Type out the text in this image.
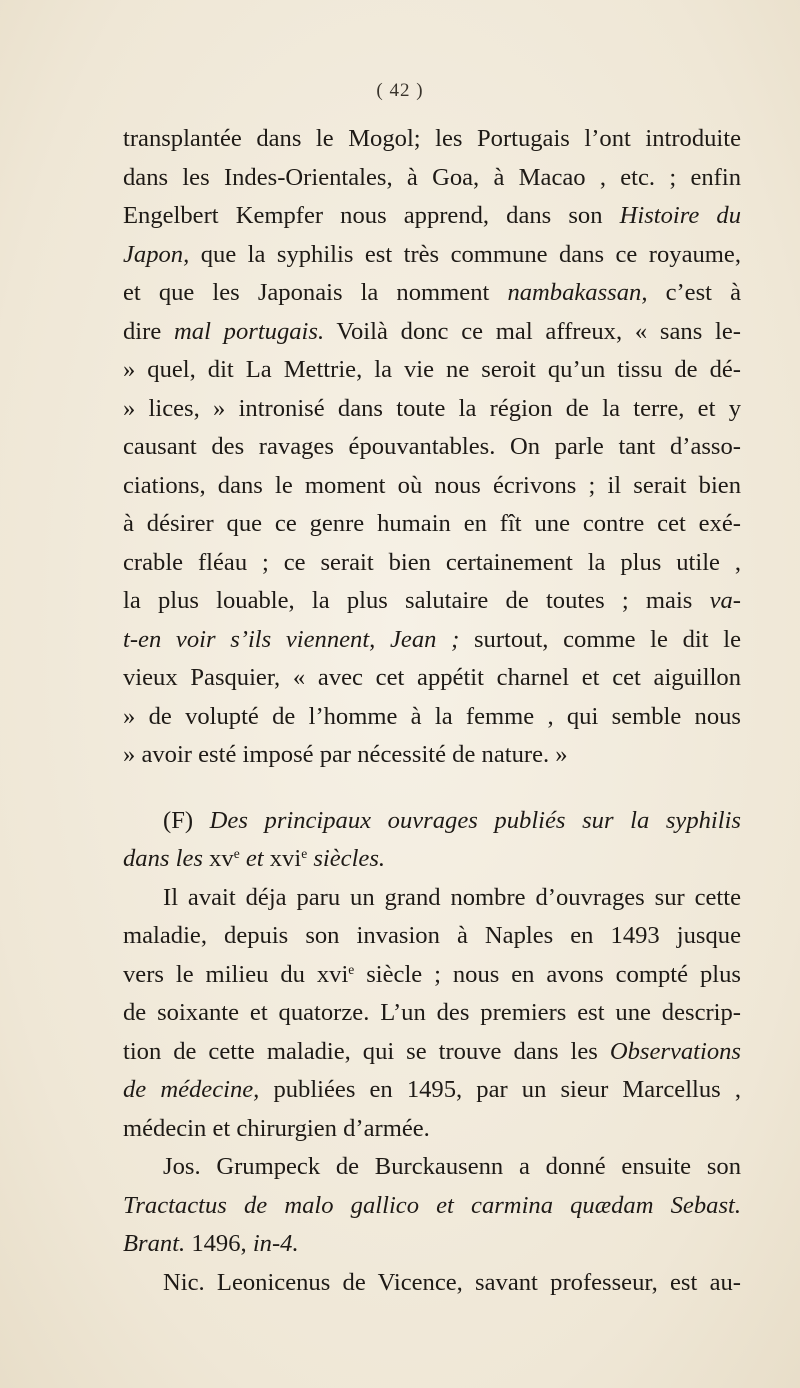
( 42 )
transplantée dans le Mogol; les Portugais l’ont introduite
dans les Indes-Orientales, à Goa, à Macao , etc. ; enfin
Engelbert Kempfer nous apprend, dans son Histoire du
Japon, que la syphilis est très commune dans ce royaume,
et que les Japonais la nomment nambakassan, c’est à
dire mal portugais. Voilà donc ce mal affreux, « sans le-
» quel, dit La Mettrie, la vie ne seroit qu’un tissu de dé-
» lices, » intronisé dans toute la région de la terre, et y
causant des ravages épouvantables. On parle tant d’asso-
ciations, dans le moment où nous écrivons ; il serait bien
à désirer que ce genre humain en fît une contre cet exé-
crable fléau ; ce serait bien certainement la plus utile ,
la plus louable, la plus salutaire de toutes ; mais va-
t-en voir s’ils viennent, Jean ; surtout, comme le dit le
vieux Pasquier, « avec cet appétit charnel et cet aiguillon
» de volupté de l’homme à la femme , qui semble nous
» avoir esté imposé par nécessité de nature. »
(F) Des principaux ouvrages publiés sur la syphilis
dans les $xv^e$ et xvi$^e$ siècles.
Il avait déja paru un grand nombre d’ouvrages sur cette
maladie, depuis son invasion à Naples en 1493 jusque
vers le milieu du xvi$^e$ siècle ; nous en avons compté plus
de soixante et quatorze. L’un des premiers est une descrip-
tion de cette maladie, qui se trouve dans les Observations
de médecine, publiées en 1495, par un sieur Marcellus ,
médecin et chirurgien d’armée.
Jos. Grumpeck de Burckausenn a donné ensuite son
Tractactus de malo gallico et carmina quædam Sebast.
Brant. 1496, in-4.
Nic. Leonicenus de Vicence, savant professeur, est au-
